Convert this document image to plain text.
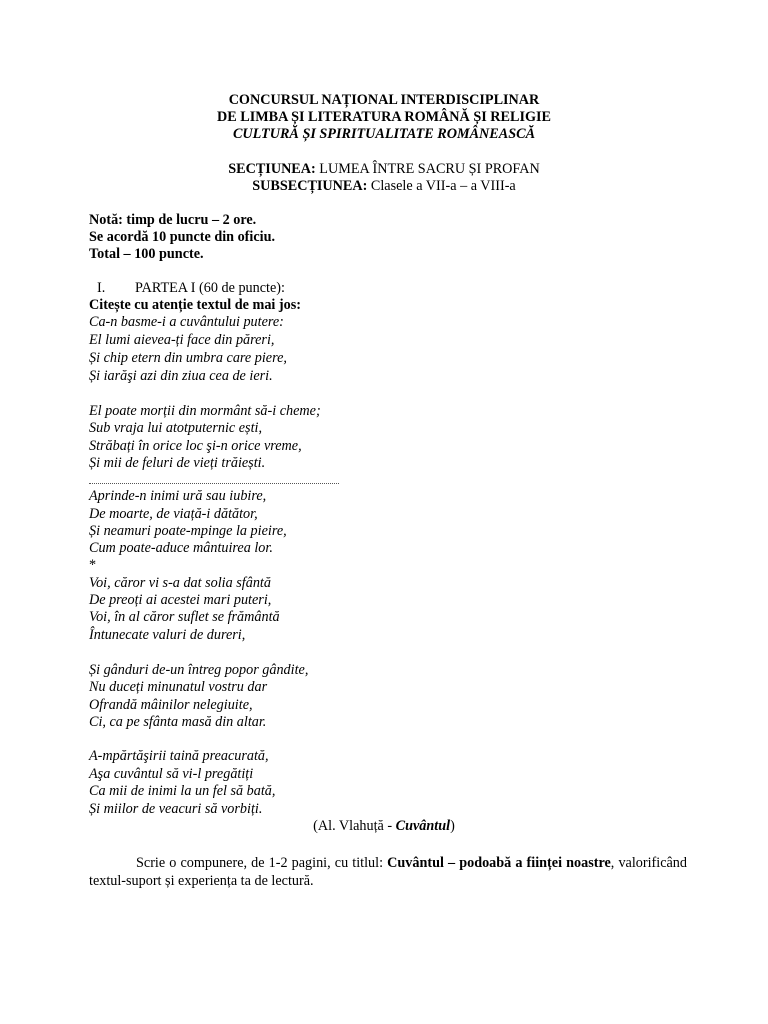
CONCURSUL NAȚIONAL INTERDISCIPLINAR
DE LIMBA ȘI LITERATURA ROMÂNĂ ȘI RELIGIE
CULTURĂ ȘI SPIRITUALITATE ROMÂNEASCĂ
SECȚIUNEA: LUMEA ÎNTRE SACRU ȘI PROFAN
SUBSECȚIUNEA: Clasele a VII-a – a VIII-a
Notă: timp de lucru – 2 ore.
Se acordă 10 puncte din oficiu.
Total – 100 puncte.
I. PARTEA I (60 de puncte):
Citește cu atenție textul de mai jos:
Ca-n basme-i a cuvântului putere:
El lumi aievea-ți face din păreri,
Și chip etern din umbra care piere,
Și iarăşi azi din ziua cea de ieri.
El poate morții din mormânt să-i cheme;
Sub vraja lui atotputernic ești,
Străbați în orice loc şi-n orice vreme,
Și mii de feluri de vieți trăiești.
Aprinde-n inimi ură sau iubire,
De moarte, de viață-i dătător,
Și neamuri poate-mpinge la pieire,
Cum poate-aduce mântuirea lor.
*
Voi, căror vi s-a dat solia sfântă
De preoți ai acestei mari puteri,
Voi, în al căror suflet se frământă
Întunecate valuri de dureri,
Și gânduri de-un întreg popor gândite,
Nu duceți minunatul vostru dar
Ofrandă mâinilor nelegiuite,
Ci, ca pe sfânta masă din altar.
A-mpărtăşirii taină preacurată,
Aşa cuvântul să vi-l pregătiți
Ca mii de inimi la un fel să bată,
Și miilor de veacuri să vorbiți.
(Al. Vlahuță - Cuvântul)
Scrie o compunere, de 1-2 pagini, cu titlul: Cuvântul – podoabă a ființei noastre, valorificând textul-suport și experiența ta de lectură.
